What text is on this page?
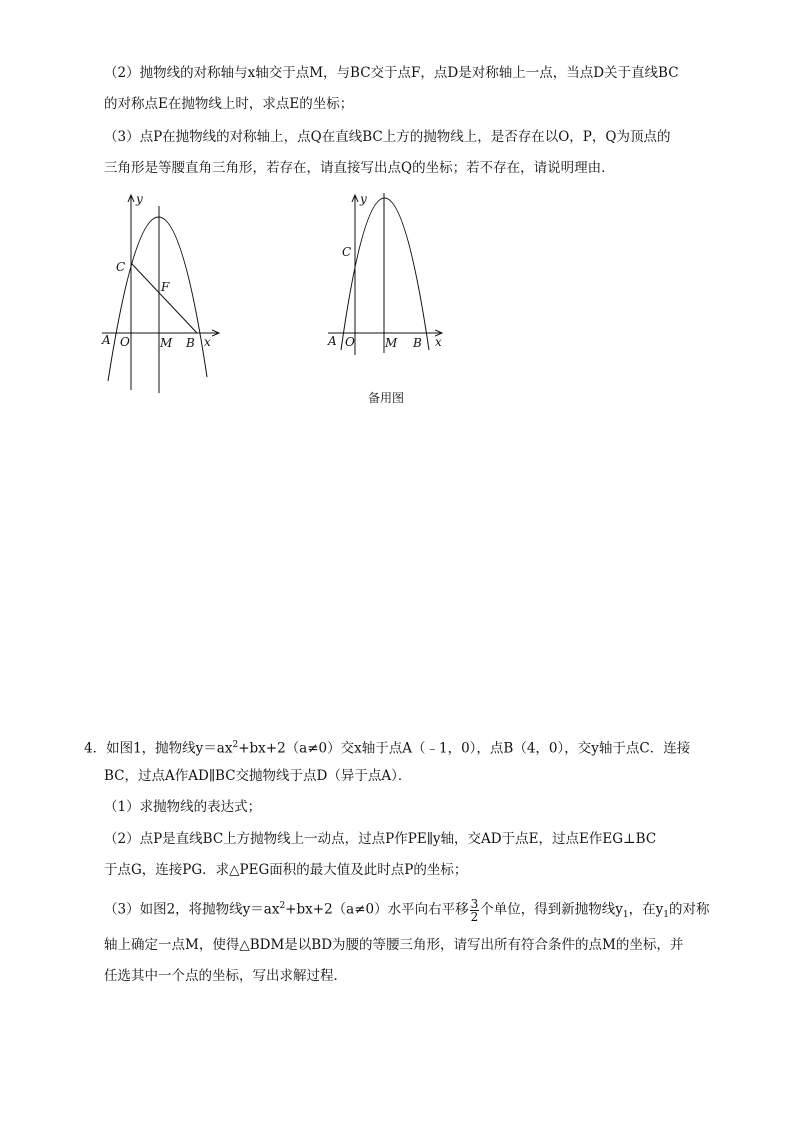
（2）抛物线的对称轴与x轴交于点M，与BC交于点F，点D是对称轴上一点，当点D关于直线BC
的对称点E在抛物线上时，求点E的坐标；
（3）点P在抛物线的对称轴上，点Q在直线BC上方的抛物线上，是否存在以O，P，Q为顶点的
三角形是等腰直角三角形，若存在，请直接写出点Q的坐标；若不存在，请说明理由．
y
C
F
A O	M B x
y
C
A O	M B x
备用图
4．如图1，抛物线$y=ax^2+bx+2(a\ne 0)$交x轴于点A（﹣1，0），点B（4，0），交y轴于点C．连接
BC，过点A作AD∥BC交抛物线于点D（异于点A）．
（1）求抛物线的表达式；
（2）点P是直线BC上方抛物线上一动点，过点P作PE∥y轴，交AD于点E，过点E作EG⊥BC
于点G，连接PG．求△PEG面积的最大值及此时点P的坐标；
（3）如图2，将抛物线$y=ax^2+bx+2(a\ne 0)$水平向右平移 $\frac{3}{2}$ 个单位，得到新抛物线$y_1$，在$y_1$的对称
轴上确定一点M，使得△BDM是以BD为腰的等腰三角形，请写出所有符合条件的点M的坐标，并
任选其中一个点的坐标，写出求解过程．
